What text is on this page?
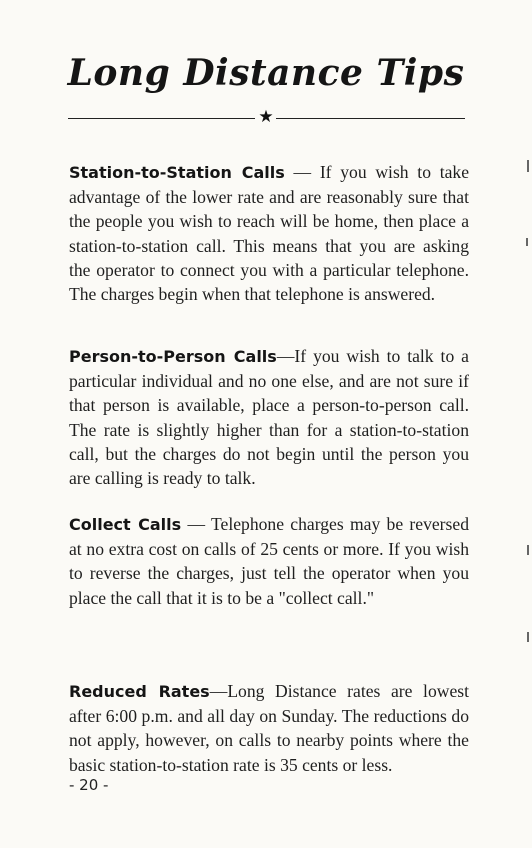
Long Distance Tips
★
Station-to-Station Calls — If you wish to take advantage of the lower rate and are reasonably sure that the people you wish to reach will be home, then place a station-to-station call. This means that you are asking the operator to connect you with a particular telephone. The charges begin when that telephone is answered.
Person-to-Person Calls—If you wish to talk to a particular individual and no one else, and are not sure if that person is available, place a person-to-person call. The rate is slightly higher than for a station-to-station call, but the charges do not begin until the person you are calling is ready to talk.
Collect Calls — Telephone charges may be reversed at no extra cost on calls of 25 cents or more. If you wish to reverse the charges, just tell the operator when you place the call that it is to be a "collect call."
Reduced Rates—Long Distance rates are lowest after 6:00 p.m. and all day on Sunday. The reductions do not apply, however, on calls to nearby points where the basic station-to-station rate is 35 cents or less.
- 20 -
